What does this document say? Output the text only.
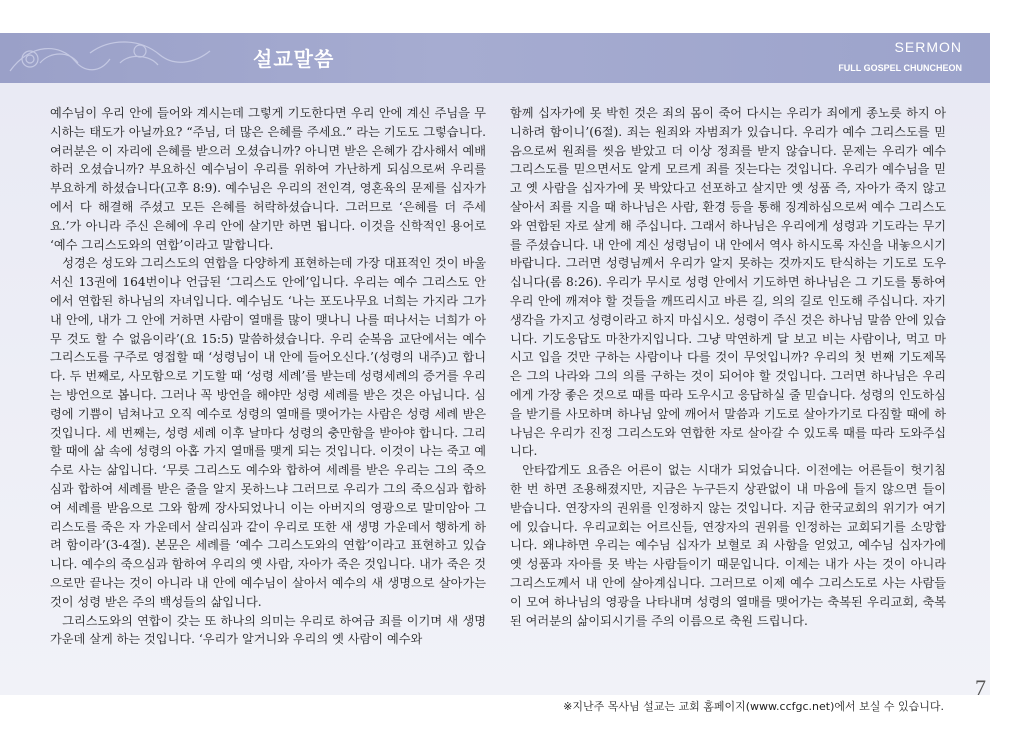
설교말씀	SERMON
FULL GOSPEL CHUNCHEON

예수님이 우리 안에 들어와 계시는데 그렇게 기도한다면 우리 안에 계신 주님을 무시하는 태도가 아닐까요? “주님, 더 많은 은혜를 주세요.” 라는 기도도 그렇습니다. 여러분은 이 자리에 은혜를 받으러 오셨습니까? 아니면 받은 은혜가 감사해서 예배하러 오셨습니까? 부요하신 예수님이 우리를 위하여 가난하게 되심으로써 우리를 부요하게 하셨습니다(고후 8:9). 예수님은 우리의 전인격, 영혼육의 문제를 십자가에서 다 해결해 주셨고 모든 은혜를 허락하셨습니다. 그러므로 ‘은혜를 더 주세요.’가 아니라 주신 은혜에 우리 안에 살기만 하면 됩니다. 이것을 신학적인 용어로 ‘예수 그리스도와의 연합’이라고 말합니다.

성경은 성도와 그리스도의 연합을 다양하게 표현하는데 가장 대표적인 것이 바울 서신 13권에 164번이나 언급된 ‘그리스도 안에’입니다. 우리는 예수 그리스도 안에서 연합된 하나님의 자녀입니다. 예수님도 ‘나는 포도나무요 너희는 가지라 그가 내 안에, 내가 그 안에 거하면 사람이 열매를 많이 맺나니 나를 떠나서는 너희가 아무 것도 할 수 없음이라’(요 15:5) 말씀하셨습니다. 우리 순복음 교단에서는 예수 그리스도를 구주로 영접할 때 ‘성령님이 내 안에 들어오신다.’(성령의 내주)고 합니다. 두 번째로, 사모함으로 기도할 때 ‘성령 세례’를 받는데 성령세례의 증거를 우리는 방언으로 봅니다. 그러나 꼭 방언을 해야만 성령 세례를 받은 것은 아닙니다. 심령에 기쁨이 넘쳐나고 오직 예수로 성령의 열매를 맺어가는 사람은 성령 세례 받은 것입니다. 세 번째는, 성령 세례 이후 날마다 성령의 충만함을 받아야 합니다. 그리할 때에 삶 속에 성령의 아홉 가지 열매를 맺게 되는 것입니다. 이것이 나는 죽고 예수로 사는 삶입니다. ‘무릇 그리스도 예수와 합하여 세례를 받은 우리는 그의 죽으심과 합하여 세례를 받은 줄을 알지 못하느냐 그러므로 우리가 그의 죽으심과 합하여 세례를 받음으로 그와 함께 장사되었나니 이는 아버지의 영광으로 말미암아 그리스도를 죽은 자 가운데서 살리심과 같이 우리로 또한 새 생명 가운데서 행하게 하려 함이라’(3-4절). 본문은 세례를 ‘예수 그리스도와의 연합’이라고 표현하고 있습니다. 예수의 죽으심과 함하여 우리의 옛 사람, 자아가 죽은 것입니다. 내가 죽은 것으로만 끝나는 것이 아니라 내 안에 예수님이 살아서 예수의 새 생명으로 살아가는 것이 성령 받은 주의 백성들의 삶입니다.

그리스도와의 연합이 갖는 또 하나의 의미는 우리로 하여금 죄를 이기며 새 생명 가운데 살게 하는 것입니다. ‘우리가 알거니와 우리의 옛 사람이 예수와

함께 십자가에 못 박힌 것은 죄의 몸이 죽어 다시는 우리가 죄에게 종노릇 하지 아니하려 함이니’(6절). 죄는 원죄와 자범죄가 있습니다. 우리가 예수 그리스도를 믿음으로써 원죄를 씻음 받았고 더 이상 정죄를 받지 않습니다. 문제는 우리가 예수 그리스도를 믿으면서도 알게 모르게 죄를 짓는다는 것입니다. 우리가 예수님을 믿고 옛 사람을 십자가에 못 박았다고 선포하고 살지만 옛 성품 즉, 자아가 죽지 않고 살아서 죄를 지을 때 하나님은 사람, 환경 등을 통해 징계하심으로써 예수 그리스도와 연합된 자로 살게 해 주십니다. 그래서 하나님은 우리에게 성령과 기도라는 무기를 주셨습니다. 내 안에 계신 성령님이 내 안에서 역사 하시도록 자신을 내놓으시기 바랍니다. 그러면 성령님께서 우리가 알지 못하는 것까지도 탄식하는 기도로 도우십니다(롬 8:26). 우리가 무시로 성령 안에서 기도하면 하나님은 그 기도를 통하여 우리 안에 깨져야 할 것들을 깨뜨리시고 바른 길, 의의 길로 인도해 주십니다. 자기 생각을 가지고 성령이라고 하지 마십시오. 성령이 주신 것은 하나님 말씀 안에 있습니다. 기도응답도 마찬가지입니다. 그냥 막연하게 달 보고 비는 사람이나, 먹고 마시고 입을 것만 구하는 사람이나 다를 것이 무엇입니까? 우리의 첫 번째 기도제목은 그의 나라와 그의 의를 구하는 것이 되어야 할 것입니다. 그러면 하나님은 우리에게 가장 좋은 것으로 때를 따라 도우시고 응답하실 줄 믿습니다. 성령의 인도하심을 받기를 사모하며 하나님 앞에 깨어서 말씀과 기도로 살아가기로 다짐할 때에 하나님은 우리가 진정 그리스도와 연합한 자로 살아갈 수 있도록 때를 따라 도와주십니다.

안타깝게도 요즘은 어른이 없는 시대가 되었습니다. 이전에는 어른들이 헛기침 한 번 하면 조용해졌지만, 지금은 누구든지 상관없이 내 마음에 들지 않으면 들이 받습니다. 연장자의 권위를 인정하지 않는 것입니다. 지금 한국교회의 위기가 여기에 있습니다. 우리교회는 어르신들, 연장자의 권위를 인정하는 교회되기를 소망합니다. 왜냐하면 우리는 예수님 십자가 보혈로 죄 사함을 얻었고, 예수님 십자가에 옛 성품과 자아를 못 박는 사람들이기 때문입니다. 이제는 내가 사는 것이 아니라 그리스도께서 내 안에 살아계십니다. 그러므로 이제 예수 그리스도로 사는 사람들이 모여 하나님의 영광을 나타내며 성령의 열매를 맺어가는 축복된 우리교회, 축복된 여러분의 삶이되시기를 주의 이름으로 축원 드립니다.

7
※지난주 목사님 설교는 교회 홈페이지(www.ccfgc.net)에서 보실 수 있습니다.
